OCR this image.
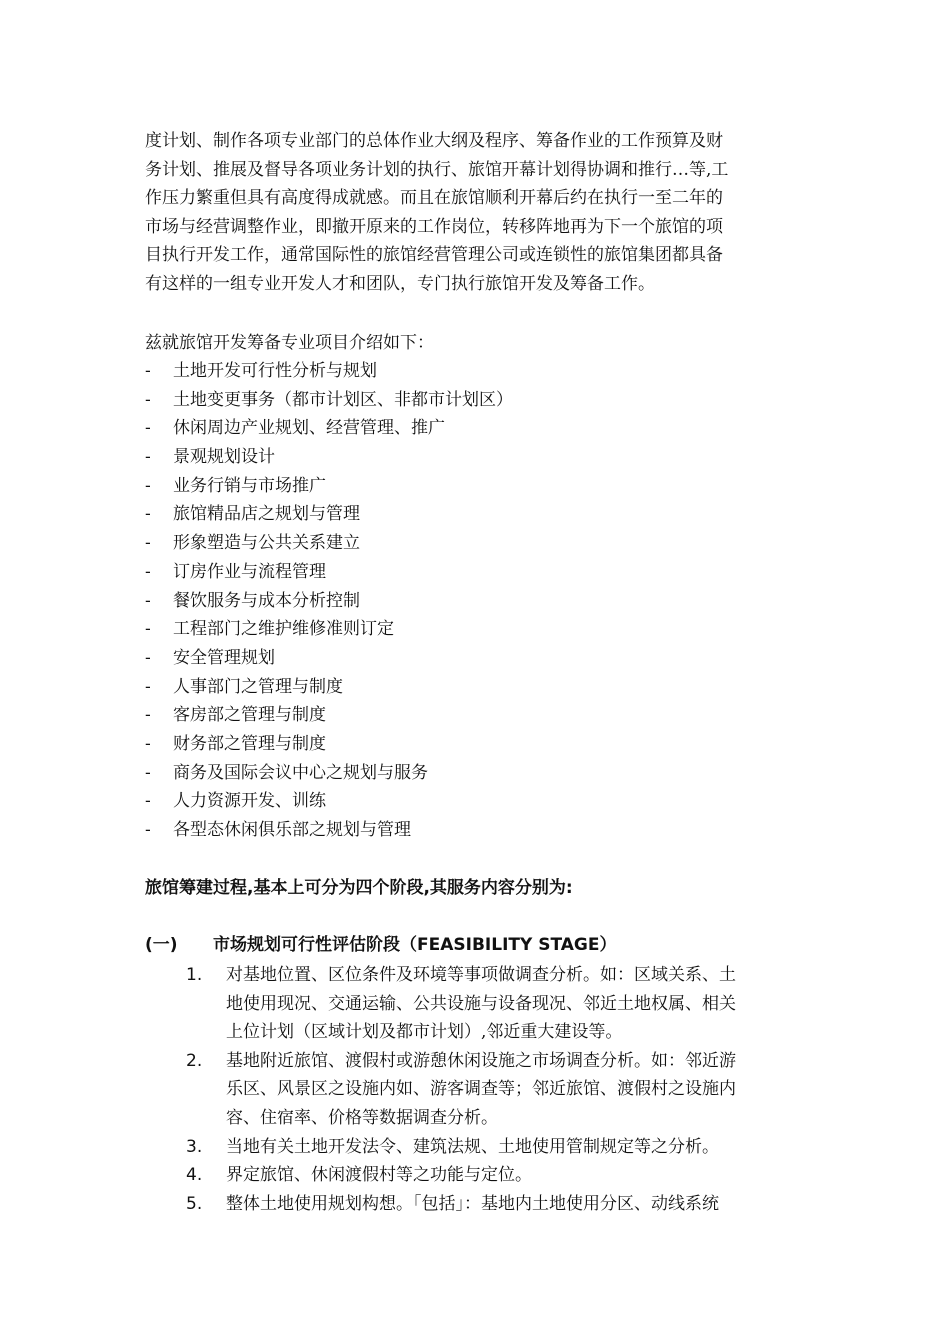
度计划、制作各项专业部门的总体作业大纲及程序、筹备作业的工作预算及财
务计划、推展及督导各项业务计划的执行、旅馆开幕计划得协调和推行…等,工
作压力繁重但具有高度得成就感。而且在旅馆顺利开幕后约在执行一至二年的
市场与经营调整作业，即撤开原来的工作岗位，转移阵地再为下一个旅馆的项
目执行开发工作，通常国际性的旅馆经营管理公司或连锁性的旅馆集团都具备
有这样的一组专业开发人才和团队，专门执行旅馆开发及筹备工作。
兹就旅馆开发筹备专业项目介绍如下：
-	土地开发可行性分析与规划
-	土地变更事务（都市计划区、非都市计划区）
-	休闲周边产业规划、经营管理、推广
-	景观规划设计
-	业务行销与市场推广
-	旅馆精品店之规划与管理
-	形象塑造与公共关系建立
-	订房作业与流程管理
-	餐饮服务与成本分析控制
-	工程部门之维护维修准则订定
-	安全管理规划
-	人事部门之管理与制度
-	客房部之管理与制度
-	财务部之管理与制度
-	商务及国际会议中心之规划与服务
-	人力资源开发、训练
-	各型态休闲俱乐部之规划与管理
旅馆筹建过程,基本上可分为四个阶段,其服务内容分别为:
(一)	市场规划可行性评估阶段（FEASIBILITY STAGE）
1.	对基地位置、区位条件及环境等事项做调查分析。如：区域关系、土
地使用现况、交通运输、公共设施与设备现况、邻近土地权属、相关
上位计划（区域计划及都市计划）,邻近重大建设等。
2.	基地附近旅馆、渡假村或游憩休闲设施之市场调查分析。如：邻近游
乐区、风景区之设施内如、游客调查等；邻近旅馆、渡假村之设施内
容、住宿率、价格等数据调查分析。
3.	当地有关土地开发法令、建筑法规、土地使用管制规定等之分析。
4.	界定旅馆、休闲渡假村等之功能与定位。
5.	整体土地使用规划构想。「包括」：基地内土地使用分区、动线系统
